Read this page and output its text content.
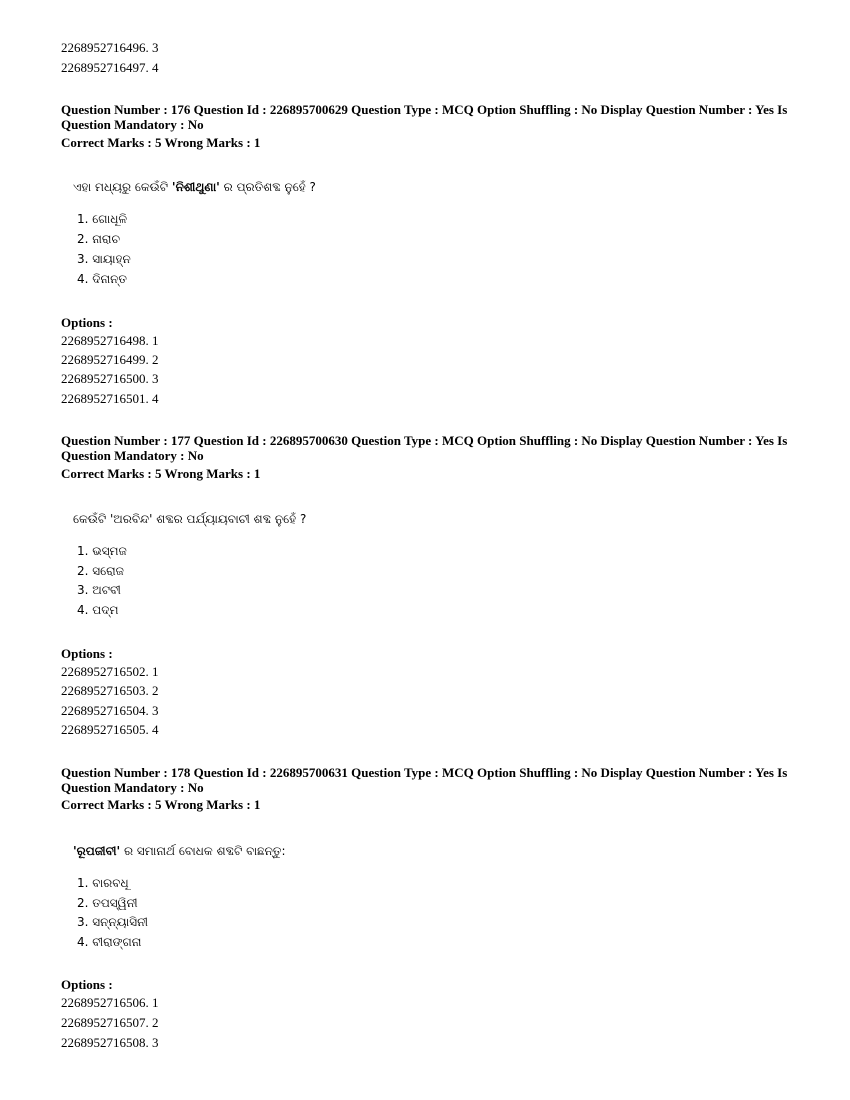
2268952716496. 3
2268952716497. 4
Question Number : 176 Question Id : 226895700629 Question Type : MCQ Option Shuffling : No Display Question Number : Yes Is
Question Mandatory : No
Correct Marks : 5 Wrong Marks : 1
ଏହା ମଧ୍ୟରୁ କେଉଁଟି 'ନିଶୀଥୁଣା' ର ପ୍ରତିଶବ୍ଦ ନୁହେଁ ?
1. ଗୋଧୂଳି
2. ନାରାଚ
3. ସାୟାହ୍ନ
4. ଦିନାନ୍ତ
Options :
2268952716498. 1
2268952716499. 2
2268952716500. 3
2268952716501. 4
Question Number : 177 Question Id : 226895700630 Question Type : MCQ Option Shuffling : No Display Question Number : Yes Is
Question Mandatory : No
Correct Marks : 5 Wrong Marks : 1
କେଉଁଟି 'ଅରବିନ୍ଦ' ଶବ୍ଦର ପର୍ଯ୍ୟାୟବାଚୀ ଶବ୍ଦ ନୁହେଁ ?
1. ଭସ୍ମଜ
2. ସରୋଜ
3. ଅଟବୀ
4. ପଦ୍ମ
Options :
2268952716502. 1
2268952716503. 2
2268952716504. 3
2268952716505. 4
Question Number : 178 Question Id : 226895700631 Question Type : MCQ Option Shuffling : No Display Question Number : Yes Is
Question Mandatory : No
Correct Marks : 5 Wrong Marks : 1
'ରୂପଜୀବୀ' ର ସମାନାର୍ଥ ବୋଧକ ଶବ୍ଦଟି ବାଛନ୍ତୁ:
1. ବାରବଧୂ
2. ତପସ୍ୱିନୀ
3. ସନ୍ନ୍ୟାସିନୀ
4. ବୀରାଙ୍ଗନା
Options :
2268952716506. 1
2268952716507. 2
2268952716508. 3
